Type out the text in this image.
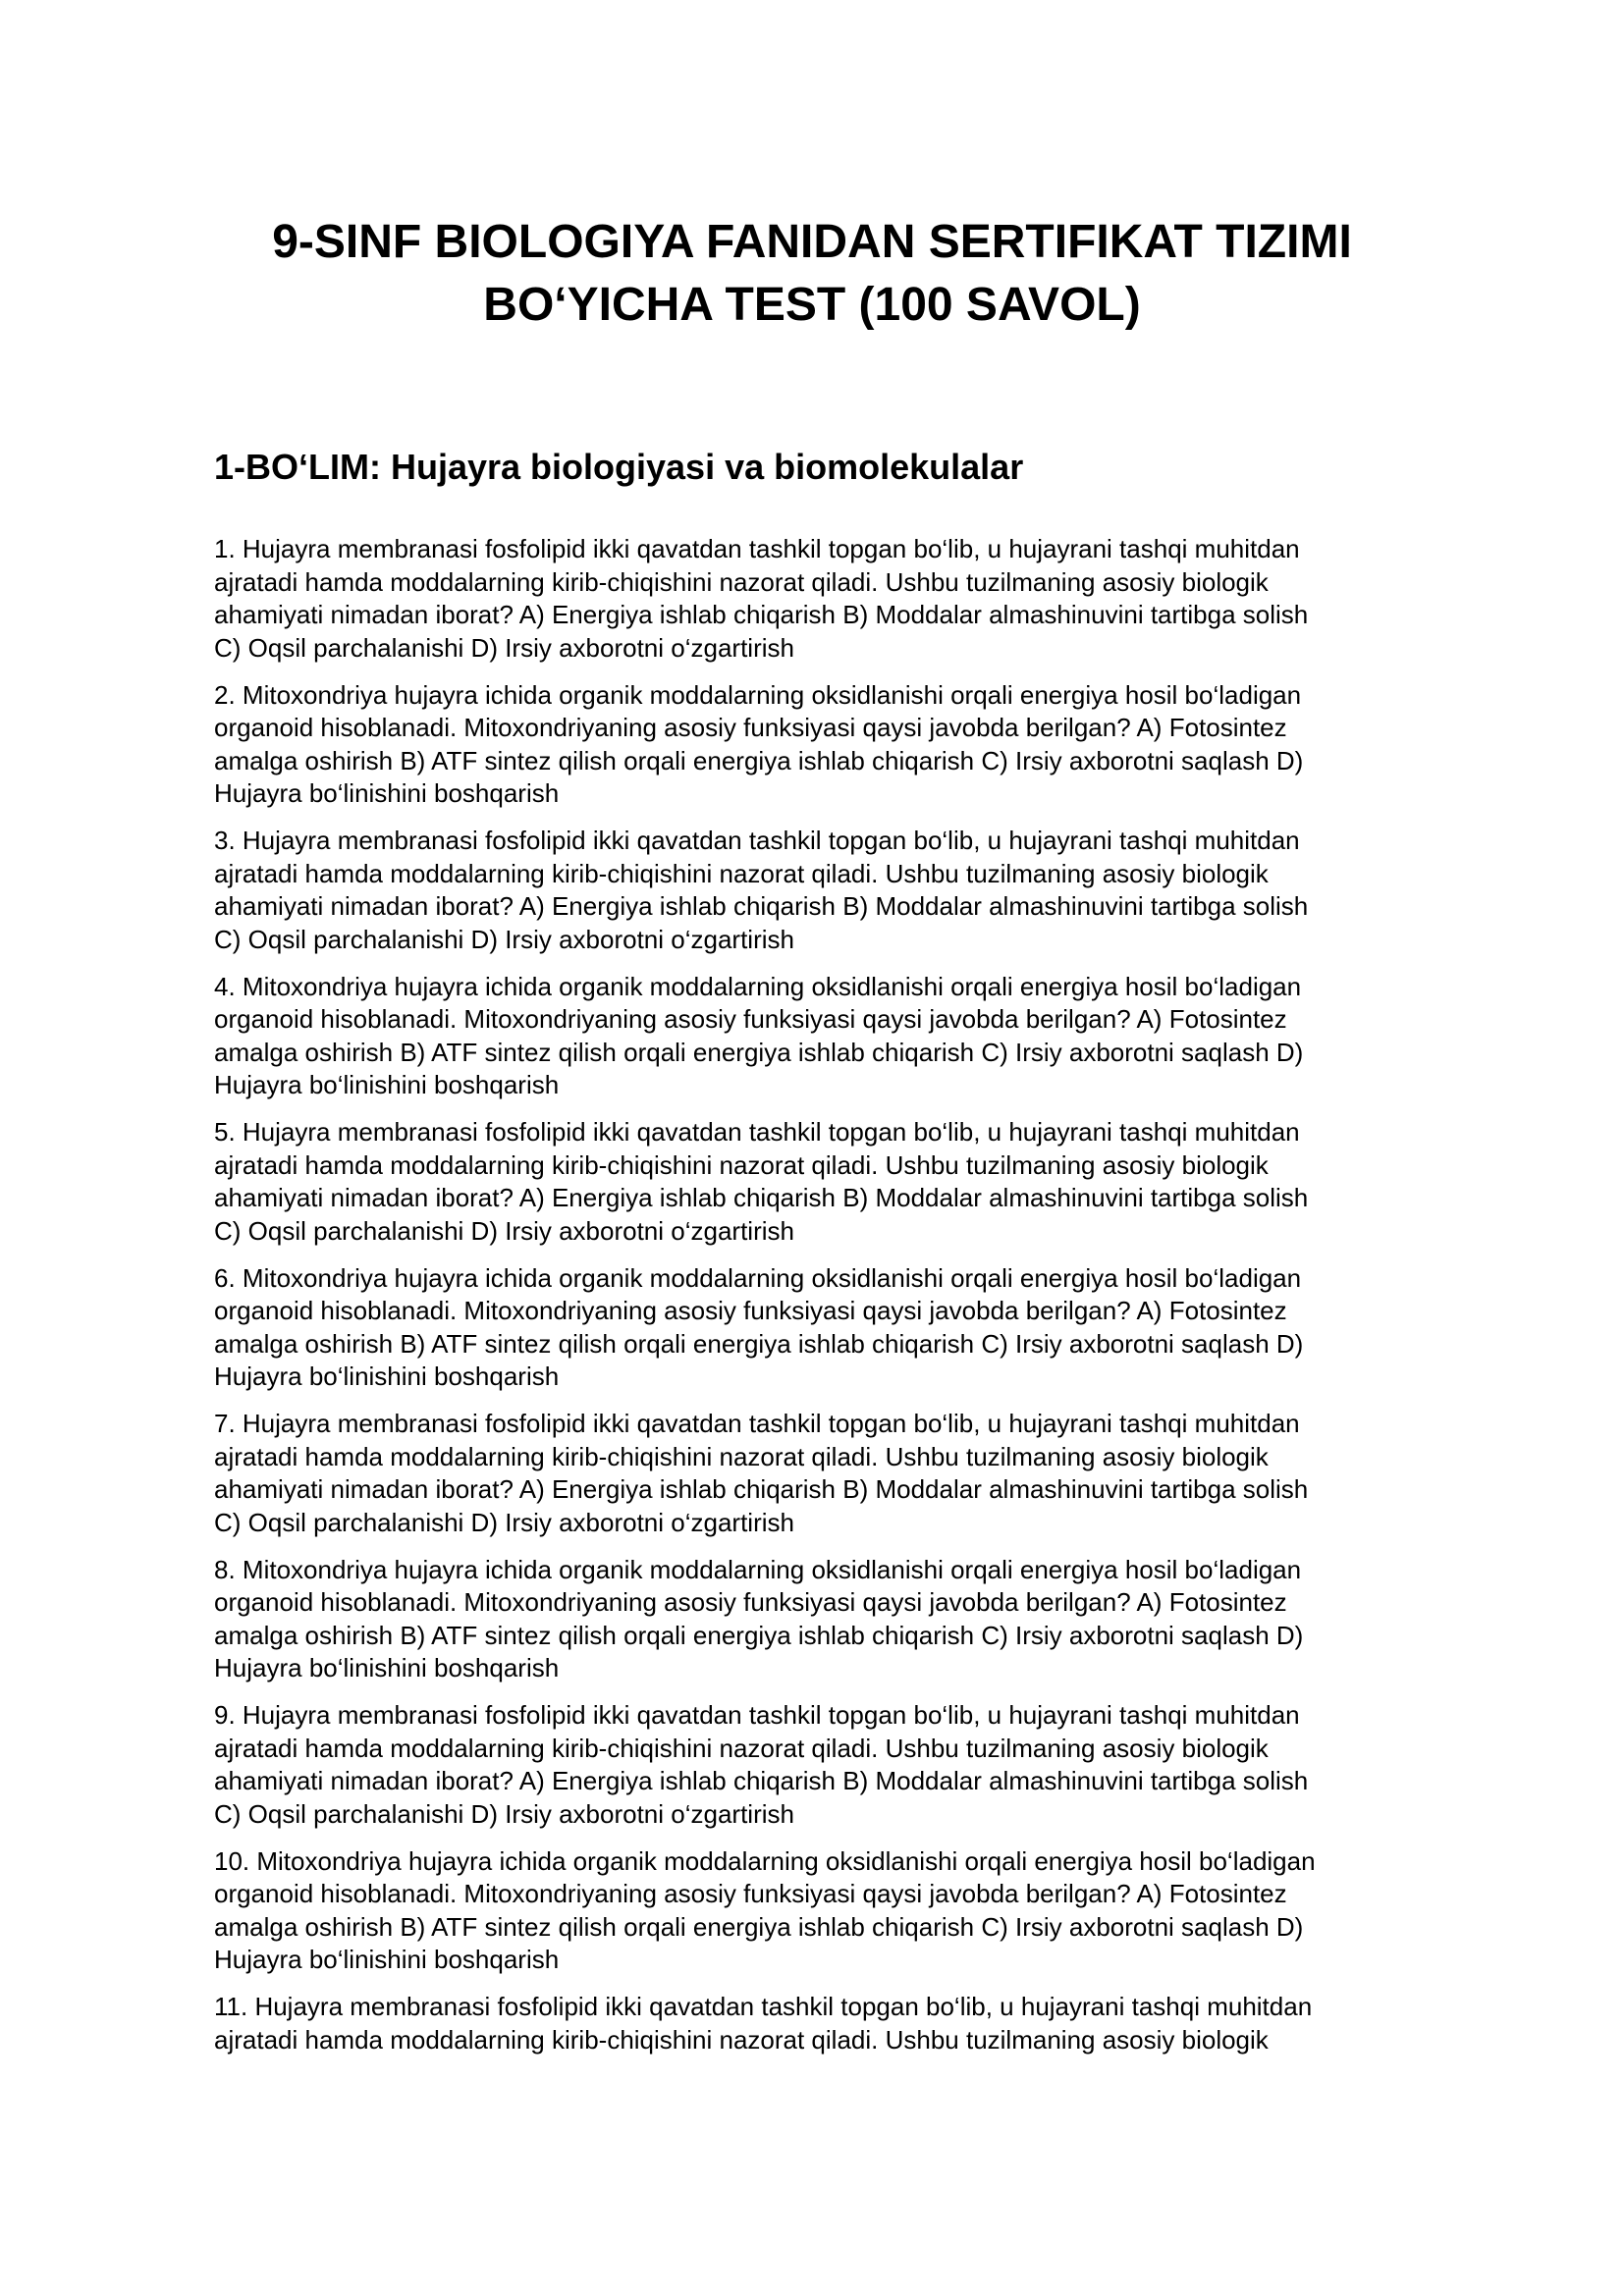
9-SINF BIOLOGIYA FANIDAN SERTIFIKAT TIZIMI
BO‘YICHA TEST (100 SAVOL)
1-BO‘LIM: Hujayra biologiyasi va biomolekulalar
1. Hujayra membranasi fosfolipid ikki qavatdan tashkil topgan bo‘lib, u hujayrani tashqi muhitdan
ajratadi hamda moddalarning kirib-chiqishini nazorat qiladi. Ushbu tuzilmaning asosiy biologik
ahamiyati nimadan iborat? A) Energiya ishlab chiqarish B) Moddalar almashinuvini tartibga solish
C) Oqsil parchalanishi D) Irsiy axborotni o‘zgartirish
2. Mitoxondriya hujayra ichida organik moddalarning oksidlanishi orqali energiya hosil bo‘ladigan
organoid hisoblanadi. Mitoxondriyaning asosiy funksiyasi qaysi javobda berilgan? A) Fotosintez
amalga oshirish B) ATF sintez qilish orqali energiya ishlab chiqarish C) Irsiy axborotni saqlash D)
Hujayra bo‘linishini boshqarish
3. Hujayra membranasi fosfolipid ikki qavatdan tashkil topgan bo‘lib, u hujayrani tashqi muhitdan
ajratadi hamda moddalarning kirib-chiqishini nazorat qiladi. Ushbu tuzilmaning asosiy biologik
ahamiyati nimadan iborat? A) Energiya ishlab chiqarish B) Moddalar almashinuvini tartibga solish
C) Oqsil parchalanishi D) Irsiy axborotni o‘zgartirish
4. Mitoxondriya hujayra ichida organik moddalarning oksidlanishi orqali energiya hosil bo‘ladigan
organoid hisoblanadi. Mitoxondriyaning asosiy funksiyasi qaysi javobda berilgan? A) Fotosintez
amalga oshirish B) ATF sintez qilish orqali energiya ishlab chiqarish C) Irsiy axborotni saqlash D)
Hujayra bo‘linishini boshqarish
5. Hujayra membranasi fosfolipid ikki qavatdan tashkil topgan bo‘lib, u hujayrani tashqi muhitdan
ajratadi hamda moddalarning kirib-chiqishini nazorat qiladi. Ushbu tuzilmaning asosiy biologik
ahamiyati nimadan iborat? A) Energiya ishlab chiqarish B) Moddalar almashinuvini tartibga solish
C) Oqsil parchalanishi D) Irsiy axborotni o‘zgartirish
6. Mitoxondriya hujayra ichida organik moddalarning oksidlanishi orqali energiya hosil bo‘ladigan
organoid hisoblanadi. Mitoxondriyaning asosiy funksiyasi qaysi javobda berilgan? A) Fotosintez
amalga oshirish B) ATF sintez qilish orqali energiya ishlab chiqarish C) Irsiy axborotni saqlash D)
Hujayra bo‘linishini boshqarish
7. Hujayra membranasi fosfolipid ikki qavatdan tashkil topgan bo‘lib, u hujayrani tashqi muhitdan
ajratadi hamda moddalarning kirib-chiqishini nazorat qiladi. Ushbu tuzilmaning asosiy biologik
ahamiyati nimadan iborat? A) Energiya ishlab chiqarish B) Moddalar almashinuvini tartibga solish
C) Oqsil parchalanishi D) Irsiy axborotni o‘zgartirish
8. Mitoxondriya hujayra ichida organik moddalarning oksidlanishi orqali energiya hosil bo‘ladigan
organoid hisoblanadi. Mitoxondriyaning asosiy funksiyasi qaysi javobda berilgan? A) Fotosintez
amalga oshirish B) ATF sintez qilish orqali energiya ishlab chiqarish C) Irsiy axborotni saqlash D)
Hujayra bo‘linishini boshqarish
9. Hujayra membranasi fosfolipid ikki qavatdan tashkil topgan bo‘lib, u hujayrani tashqi muhitdan
ajratadi hamda moddalarning kirib-chiqishini nazorat qiladi. Ushbu tuzilmaning asosiy biologik
ahamiyati nimadan iborat? A) Energiya ishlab chiqarish B) Moddalar almashinuvini tartibga solish
C) Oqsil parchalanishi D) Irsiy axborotni o‘zgartirish
10. Mitoxondriya hujayra ichida organik moddalarning oksidlanishi orqali energiya hosil bo‘ladigan
organoid hisoblanadi. Mitoxondriyaning asosiy funksiyasi qaysi javobda berilgan? A) Fotosintez
amalga oshirish B) ATF sintez qilish orqali energiya ishlab chiqarish C) Irsiy axborotni saqlash D)
Hujayra bo‘linishini boshqarish
11. Hujayra membranasi fosfolipid ikki qavatdan tashkil topgan bo‘lib, u hujayrani tashqi muhitdan
ajratadi hamda moddalarning kirib-chiqishini nazorat qiladi. Ushbu tuzilmaning asosiy biologik
